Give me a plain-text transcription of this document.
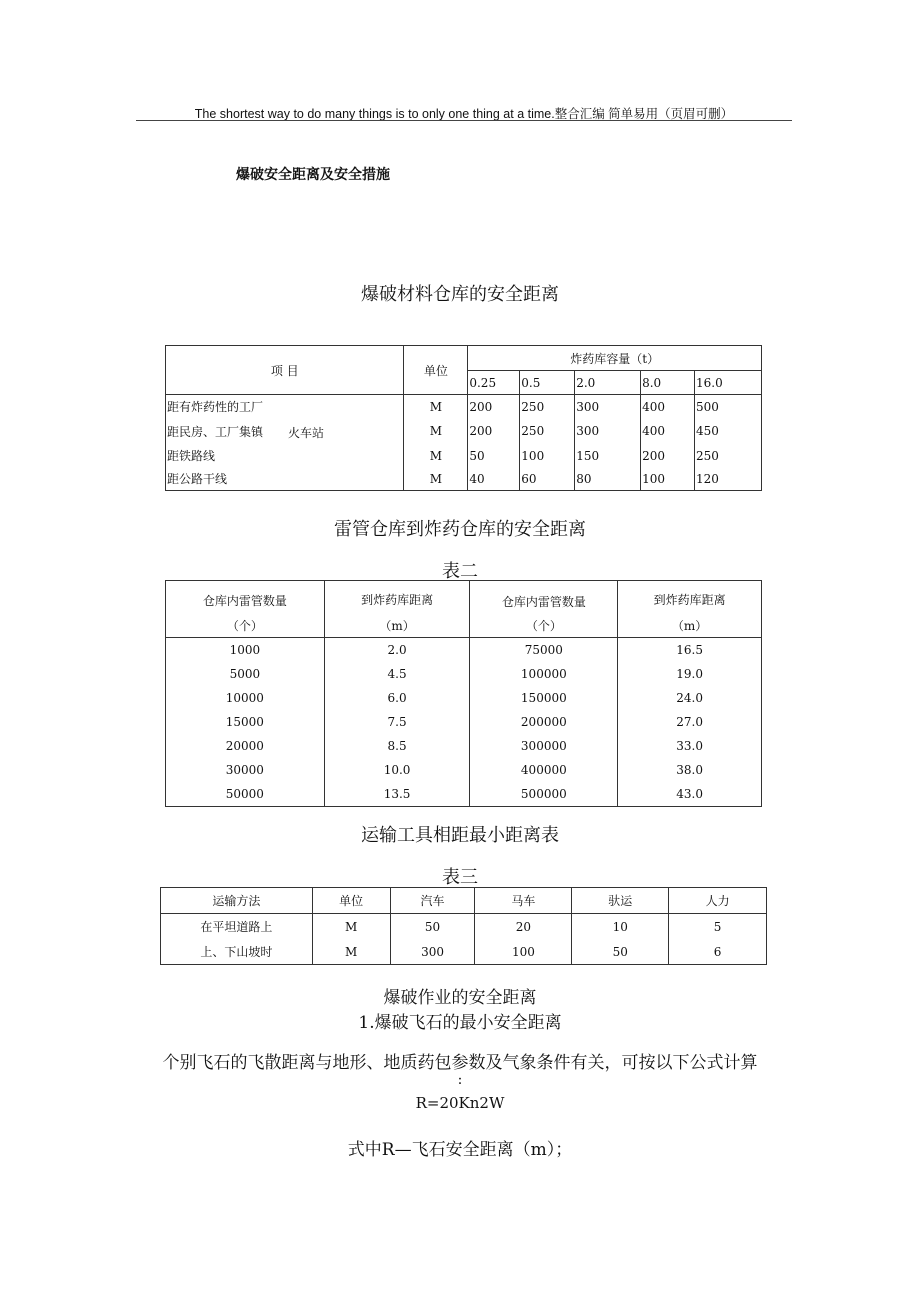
The shortest way to do many things is to only one thing at a time.整合汇编 简单易用（页眉可删）
爆破安全距离及安全措施
爆破材料仓库的安全距离
项 目	单位	炸药库容量（t）				
		0.25	0.5	2.0	8.0	16.0
距有炸药性的工厂	M	200	250	300	400	500
距民房、工厂集镇 火车站	M	200	250	300	400	450
距铁路线	M	50	100	150	200	250
距公路干线	M	40	60	80	100	120
雷管仓库到炸药仓库的安全距离
表二
仓库内雷管数量	到炸药库距离	仓库内雷管数量	到炸药库距离
（个）	（m）	（个）	（m）
1000	2.0	75000	16.5
5000	4.5	100000	19.0
10000	6.0	150000	24.0
15000	7.5	200000	27.0
20000	8.5	300000	33.0
30000	10.0	400000	38.0
50000	13.5	500000	43.0
运输工具相距最小距离表
表三
运输方法	单位	汽车	马车	驮运	人力
在平坦道路上	M	50	20	10	5
上、下山坡时	M	300	100	50	6
爆破作业的安全距离
1.爆破飞石的最小安全距离
个别飞石的飞散距离与地形、地质药包参数及气象条件有关，可按以下公式计算
:
R=20Kn2W
式中R—飞石安全距离（m）；
